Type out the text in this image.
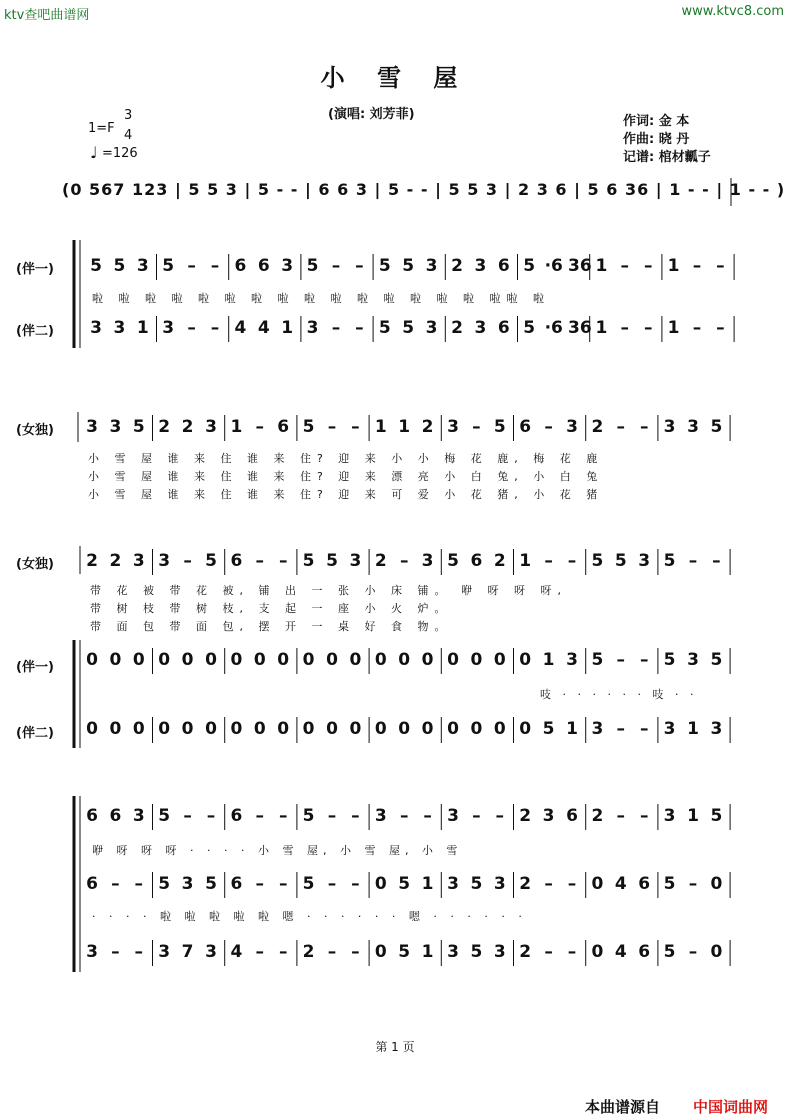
ktv查吧曲谱网	www.ktvc8.com
小 雪 屋
(演唱: 刘芳菲)	作词: 金 本
作曲: 晓 丹
记谱: 棺材瓤子
1=F
3
4
♩ =126
(0 567 123 | 5 5 3 | 5 - - | 6 6 3 | 5 - - | 5 5 3 | 2 3 6 | 5 6 36 | 1 - - | 1 - - )
(伴一)
(伴二)
(女独)
(女独)
(伴一)
(伴二)
5 5 3 5 – – 6 6 3 5 – – 5 5 3 2 3 6 5 ·6 36 1 – – 1 – –
3 3 1 3 – – 4 4 1 3 – – 5 5 3 2 3 6 5 ·6 36 1 – – 1 – –
3 3 5 2 2 3 1 – 6 5 – – 1 1 2 3 – 5 6 – 3 2 – – 3 3 5
2 2 3 3 – 5 6 – – 5 5 3 2 – 3 5 6 2 1 – – 5 5 3 5 – –
0 0 0 0 0 0 0 0 0 0 0 0 0 0 0 0 0 0 0 1 3 5 – – 5 3 5
0 0 0 0 0 0 0 0 0 0 0 0 0 0 0 0 0 0 0 5 1 3 – – 3 1 3
6 6 3 5 – – 6 – – 5 – – 3 – – 3 – – 2 3 6 2 – – 3 1 5
6 – – 5 3 5 6 – – 5 – – 0 5 1 3 5 3 2 – – 0 4 6 5 – 0
3 – – 3 7 3 4 – – 2 – – 0 5 1 3 5 3 2 – – 0 4 6 5 – 0
啦 啦 啦 啦 啦 啦 啦 啦 啦 啦 啦 啦 啦 啦 啦 啦啦 啦
小 雪 屋 谁 来 住 谁 来 住? 迎 来 小 小 梅 花 鹿, 梅 花 鹿
小 雪 屋 谁 来 住 谁 来 住? 迎 来 漂 亮 小 白 兔, 小 白 兔
小 雪 屋 谁 来 住 谁 来 住? 迎 来 可 爱 小 花 猪, 小 花 猪
带 花 被 带 花 被, 铺 出 一 张 小 床 铺。 咿 呀 呀 呀,
带 树 枝 带 树 枝, 支 起 一 座 小 火 炉。
带 面 包 带 面 包, 摆 开 一 桌 好 食 物。
吱 · · · · · · 吱 · ·
咿 呀 呀 呀 · · · · 小 雪 屋, 小 雪 屋, 小 雪
· · · · 啦 啦 啦 啦 啦 嗯 · · · · · · 嗯 · · · · · ·
第 1 页
本曲谱源自 中国词曲网
